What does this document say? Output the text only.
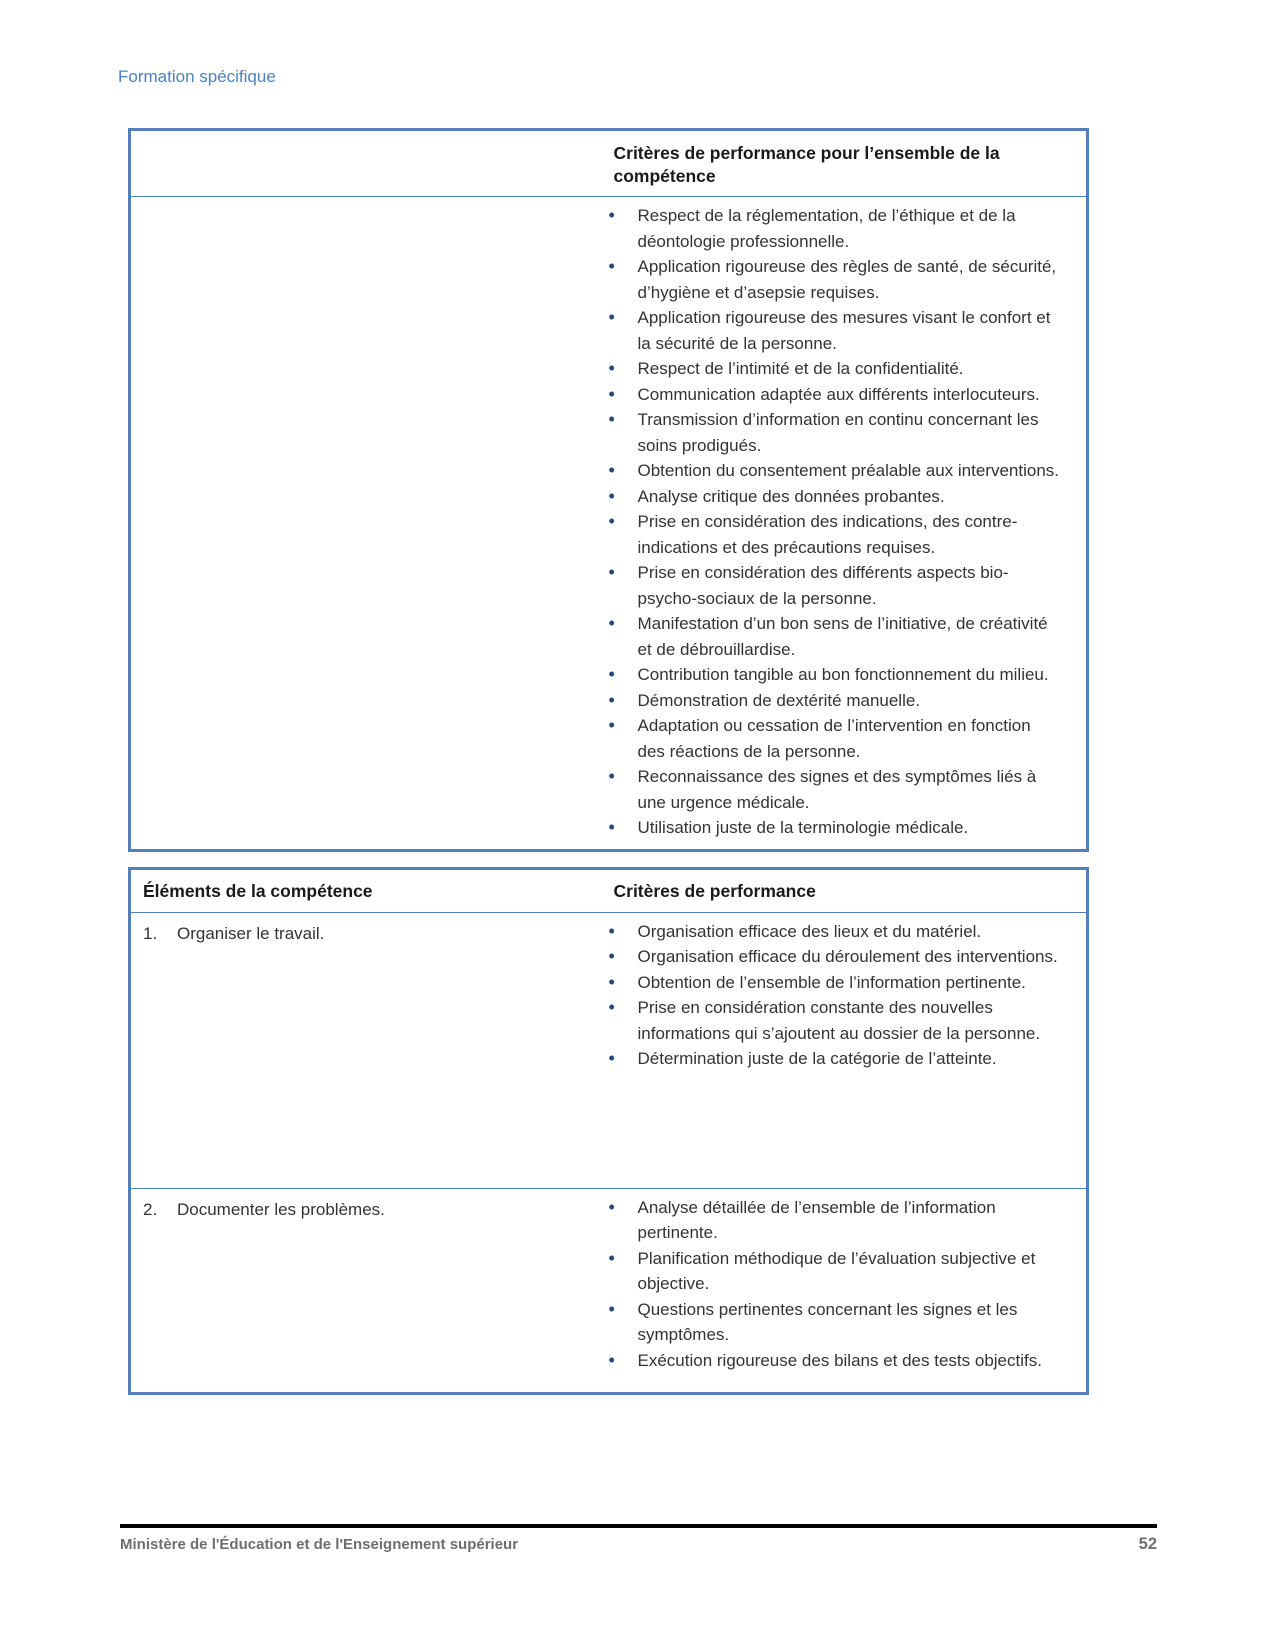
Formation spécifique
	Critères de performance pour l’ensemble de la compétence

• Respect de la réglementation, de l’éthique et de la déontologie professionnelle.
• Application rigoureuse des règles de santé, de sécurité, d’hygiène et d’asepsie requises.
• Application rigoureuse des mesures visant le confort et la sécurité de la personne.
• Respect de l’intimité et de la confidentialité.
• Communication adaptée aux différents interlocuteurs.
• Transmission d’information en continu concernant les soins prodigués.
• Obtention du consentement préalable aux interventions.
• Analyse critique des données probantes.
• Prise en considération des indications, des contre-indications et des précautions requises.
• Prise en considération des différents aspects bio-psycho-sociaux de la personne.
• Manifestation d’un bon sens de l’initiative, de créativité et de débrouillardise.
• Contribution tangible au bon fonctionnement du milieu.
• Démonstration de dextérité manuelle.
• Adaptation ou cessation de l’intervention en fonction des réactions de la personne.
• Reconnaissance des signes et des symptômes liés à une urgence médicale.
• Utilisation juste de la terminologie médicale.
Éléments de la compétence	Critères de performance

1.	Organiser le travail.

•Organisation efficace des lieux et du matériel.
• Organisation efficace du déroulement des interventions.
• Obtention de l’ensemble de l’information pertinente.
• Prise en considération constante des nouvelles informations qui s’ajoutent au dossier de la personne.
• Détermination juste de la catégorie de l’atteinte.

2.	Documenter les problèmes.

•Analyse détaillée de l’ensemble de l’information pertinente.
• Planification méthodique de l’évaluation subjective et objective.
• Questions pertinentes concernant les signes et les symptômes.
• Exécution rigoureuse des bilans et des tests objectifs.
Ministère de l'Éducation et de l'Enseignement supérieur	52
